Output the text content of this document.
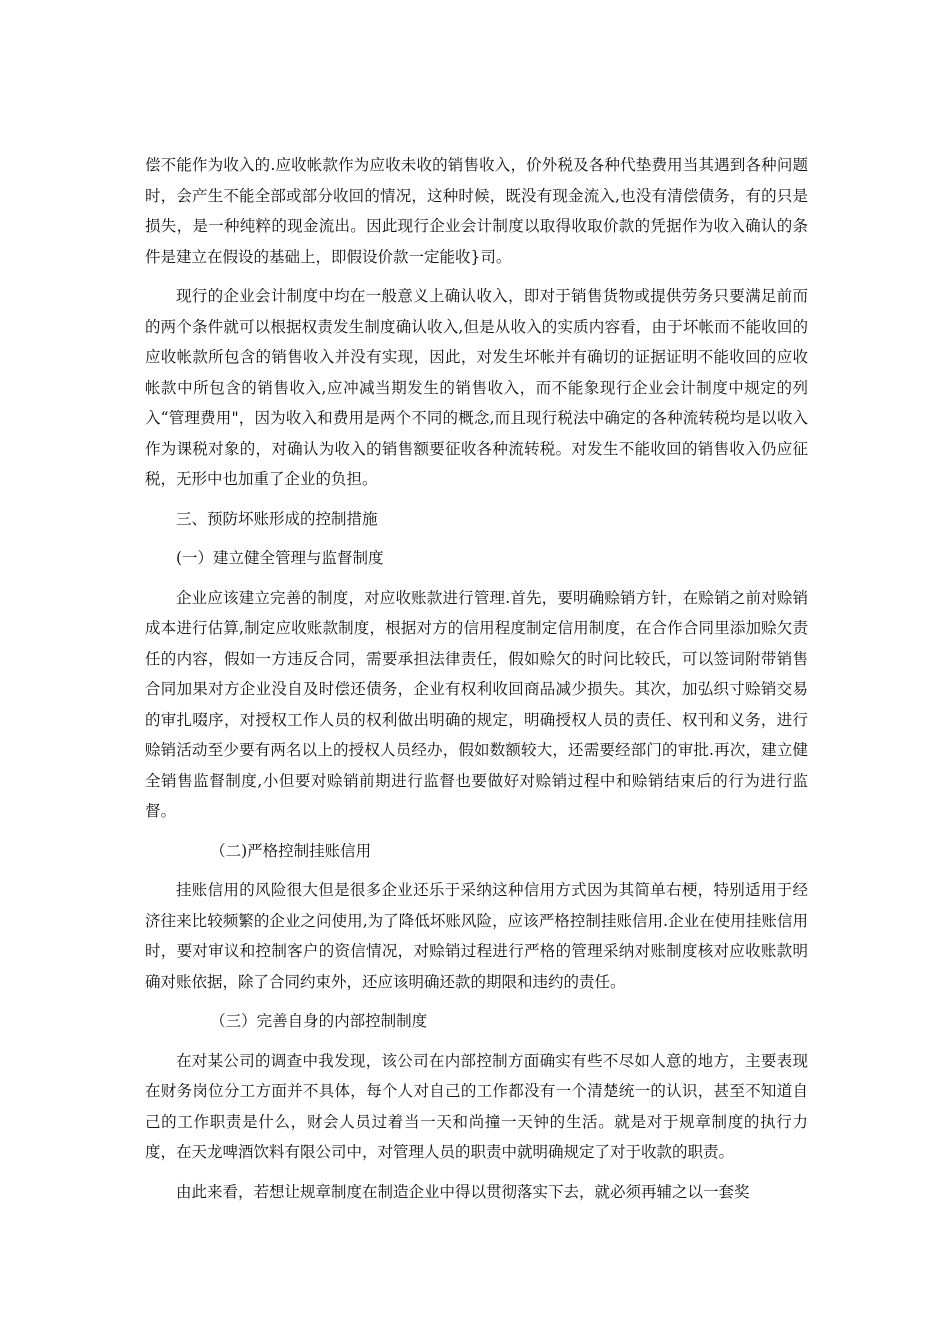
偿不能作为收入的.应收帐款作为应收未收的销售收入，价外税及各种代垫费用当其遇到各种问题时，会产生不能全部或部分收回的情况，这种时候，既没有现金流入,也没有清偿债务，有的只是损失，是一种纯粹的现金流出。因此现行企业会计制度以取得收取价款的凭据作为收入确认的条件是建立在假设的基础上，即假设价款一定能收}司。

现行的企业会计制度中均在一般意义上确认收入，即对于销售货物或提供劳务只要满足前而的两个条件就可以根据权责发生制度确认收入,但是从收入的实质内容看，由于坏帐而不能收回的应收帐款所包含的销售收入并没有实现，因此，对发生坏帐并有确切的证据证明不能收回的应收帐款中所包含的销售收入,应冲减当期发生的销售收入，而不能象现行企业会计制度中规定的列入“管理费用"，因为收入和费用是两个不同的概念,而且现行税法中确定的各种流转税均是以收入作为课税对象的，对确认为收入的销售额要征收各种流转税。对发生不能收回的销售收入仍应征税，无形中也加重了企业的负担。

三、预防坏账形成的控制措施

(一）建立健全管理与监督制度

企业应该建立完善的制度，对应收账款进行管理.首先，要明确赊销方针，在赊销之前对赊销成本进行估算,制定应收账款制度，根据对方的信用程度制定信用制度，在合作合同里添加赊欠责任的内容，假如一方违反合同，需要承担法律责任，假如赊欠的时问比较氏，可以签词附带销售合同加果对方企业没自及时偿还债务，企业有权利收回商品减少损失。其次，加弘织寸赊销交易的审扎啜序，对授权工作人员的权利做出明确的规定，明确授权人员的责任、权刊和义务，进行赊销活动至少要有两名以上的授权人员经办，假如数额较大，还需要经部门的审批.再次，建立健全销售监督制度,小但要对赊销前期进行监督也要做好对赊销过程中和赊销结束后的行为进行监督。

（二)严格控制挂账信用

挂账信用的风险很大但是很多企业还乐于采纳这种信用方式因为其简单右梗，特别适用于经济往来比较频繁的企业之问使用,为了降低坏账风险，应该严格控制挂账信用.企业在使用挂账信用时，要对审议和控制客户的资信情况，对赊销过程进行严格的管理采纳对账制度核对应收账款明确对账依据，除了合同约束外，还应该明确还款的期限和违约的责任。

（三）完善自身的内部控制制度

在对某公司的调查中我发现，该公司在内部控制方面确实有些不尽如人意的地方，主要表现在财务岗位分工方面并不具体，每个人对自己的工作都没有一个清楚统一的认识，甚至不知道自己的工作职责是什么，财会人员过着当一天和尚撞一天钟的生活。就是对于规章制度的执行力度，在天龙啤酒饮料有限公司中，对管理人员的职责中就明确规定了对于收款的职责。

由此来看，若想让规章制度在制造企业中得以贯彻落实下去，就必须再辅之以一套奖
